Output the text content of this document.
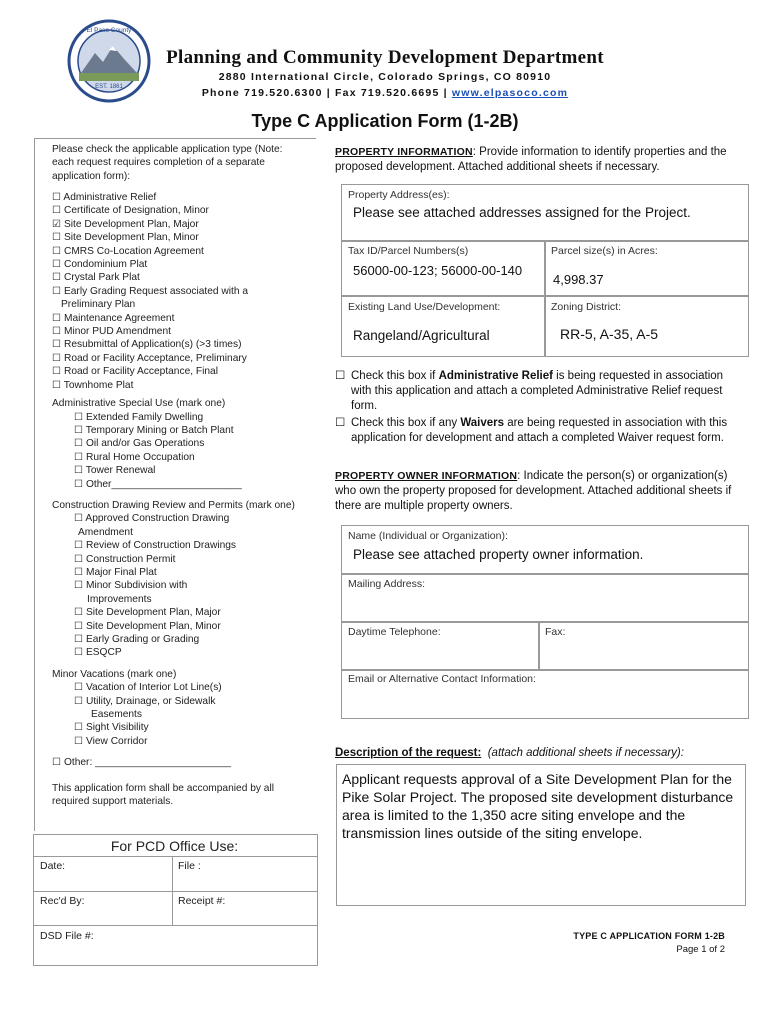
EST. 1861
El Paso County
Planning and Community Development Department
2880 International Circle, Colorado Springs, CO 80910
Phone 719.520.6300 | Fax 719.520.6695 | www.elpasoco.com
Type C Application Form (1-2B)
Please check the applicable application type (Note: each request requires completion of a separate application form):
☐ Administrative Relief
☐ Certificate of Designation, Minor
☑ Site Development Plan, Major
☐ Site Development Plan, Minor
☐ CMRS Co-Location Agreement
☐ Condominium Plat
☐ Crystal Park Plat
☐ Early Grading Request associated with a
Preliminary Plan
☐ Maintenance Agreement
☐ Minor PUD Amendment
☐ Resubmittal of Application(s) (>3 times)
☐ Road or Facility Acceptance, Preliminary
☐ Road or Facility Acceptance, Final
☐ Townhome Plat
Administrative Special Use (mark one)
☐ Extended Family Dwelling
☐ Temporary Mining or Batch Plant
☐ Oil and/or Gas Operations
☐ Rural Home Occupation
☐ Tower Renewal
☐ Other_______________________
Construction Drawing Review and Permits (mark one)
☐ Approved Construction Drawing
Amendment
☐ Review of Construction Drawings
☐ Construction Permit
☐ Major Final Plat
☐ Minor Subdivision with
Improvements
☐ Site Development Plan, Major
☐ Site Development Plan, Minor
☐ Early Grading or Grading
☐ ESQCP
Minor Vacations (mark one)
☐ Vacation of Interior Lot Line(s)
☐ Utility, Drainage, or Sidewalk
Easements
☐ Sight Visibility
☐ View Corridor
☐ Other: ________________________
This application form shall be accompanied by all required support materials.
For PCD Office Use:
Date:	File :
Rec'd By:	Receipt #:
DSD File #:
PROPERTY INFORMATION: Provide information to identify properties and the proposed development. Attached additional sheets if necessary.
Property Address(es):
Please see attached addresses assigned for the Project.
Tax ID/Parcel Numbers(s)
56000-00-123; 56000-00-140
Parcel size(s) in Acres:
4,998.37
Existing Land Use/Development:
Rangeland/Agricultural
Zoning District:
RR-5, A-35, A-5
☐ Check this box if Administrative Relief is being requested in association with this application and attach a completed Administrative Relief request form.
☐ Check this box if any Waivers are being requested in association with this application for development and attach a completed Waiver request form.
PROPERTY OWNER INFORMATION: Indicate the person(s) or organization(s) who own the property proposed for development. Attached additional sheets if there are multiple property owners.
Name (Individual or Organization):
Please see attached property owner information.
Mailing Address:
Daytime Telephone:	Fax:
Email or Alternative Contact Information:
Description of the request: (attach additional sheets if necessary):
Applicant requests approval of a Site Development Plan for the Pike Solar Project. The proposed site development disturbance area is limited to the 1,350 acre siting envelope and the transmission lines outside of the siting envelope.
TYPE C APPLICATION FORM 1-2B
Page 1 of 2
